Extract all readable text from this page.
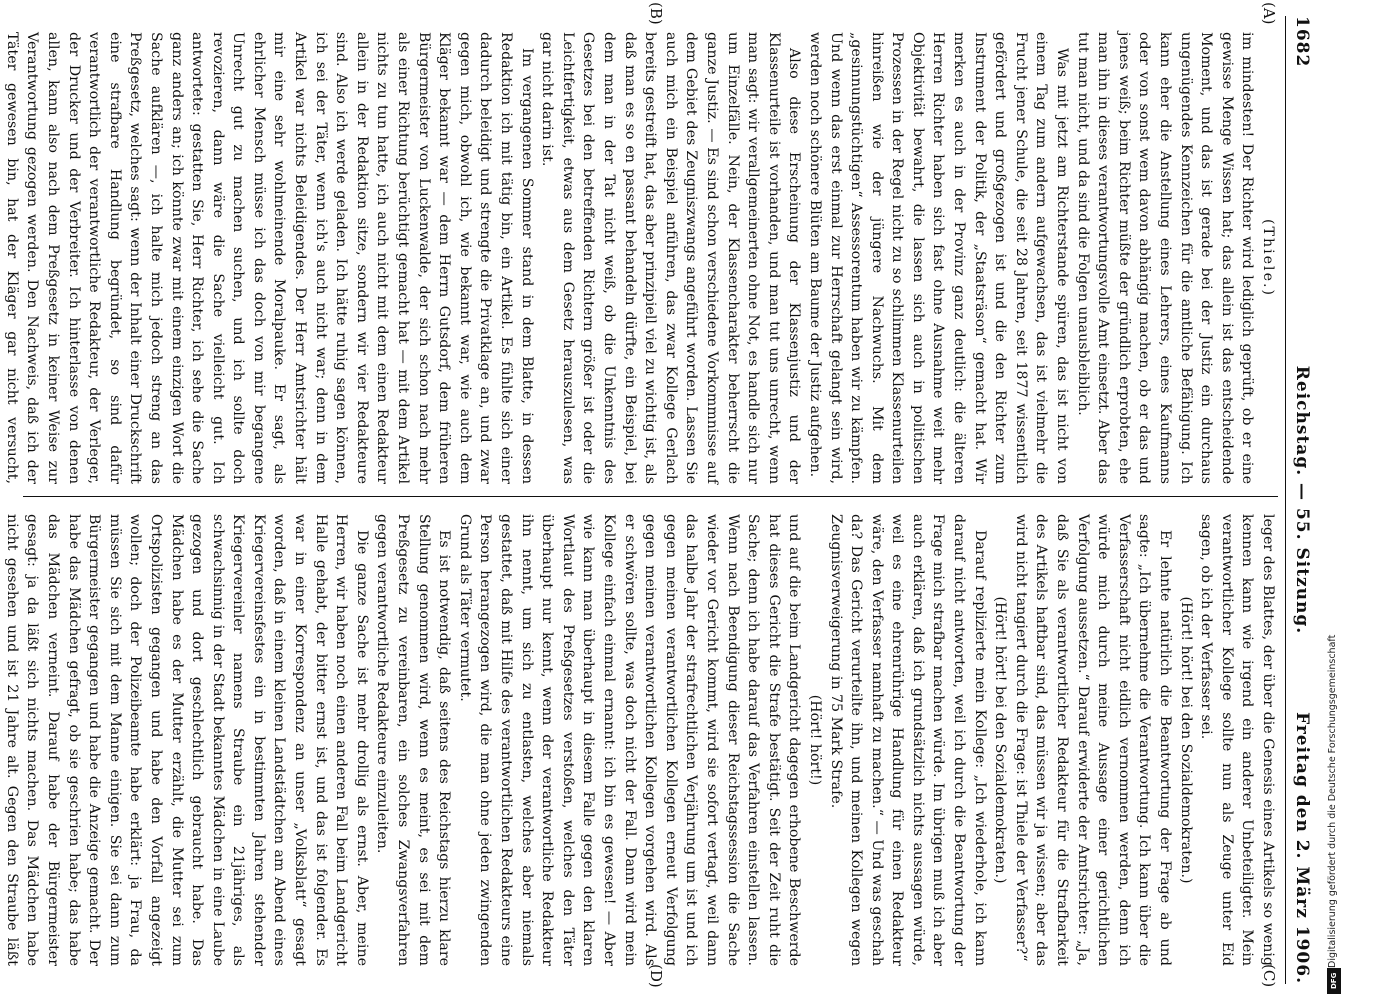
1682
Reichstag. — 55. Sitzung.
Freitag den 2. März 1906.

(Thiele.)

im mindesten! Der Richter wird lediglich geprüft, ob er eine gewisse Menge Wissen hat; das allein ist das entscheidende Moment, und das ist gerade bei der Justiz ein durchaus ungenügendes Kennzeichen für die amtliche Befähigung. Ich kann eher die Anstellung eines Lehrers, eines Kaufmanns oder von sonst wem davon abhängig machen, ob er das und jenes weiß; beim Richter müßte der gründlich erprobten, ehe man ihn in dieses verantwortungsvolle Amt einsetzt. Aber das tut man nicht, und da sind die Folgen unausbleiblich.

Was mit jetzt am Richterstande spüren, das ist nicht von einem Tag zum andern aufgewachsen, das ist vielmehr die Frucht jener Schule, die seit 28 Jahren, seit 1877 wissentlich gefördert und großgezogen ist und die den Richter zum Instrument der Politik, der „Staatsräson“ gemacht hat. Wir merken es auch in der Provinz ganz deutlich: die älteren Herren Richter haben sich fast ohne Ausnahme weit mehr Objektivität bewahrt, die lassen sich auch in politischen Prozessen in der Regel nicht zu so schlimmen Klassenurteilen hinreißen wie der jüngere Nachwuchs. Mit dem „gesinnungstüchtigen“ Assessorentum haben wir zu kämpfen. Und wenn das erst einmal zur Herrschaft gelangt sein wird, werden noch schönere Blüten am Baume der Justiz aufgehen.

Also diese Erscheinung der Klassenjustiz und der Klassenurteile ist vorhanden, und man tut uns unrecht, wenn man sagt: wir verallgemeinerten ohne Not, es handle sich nur um Einzelfälle. Nein, der Klassencharakter beherrscht die ganze Justiz. — Es sind schon verschiedene Vorkommnisse auf dem Gebiet des Zeugniszwangs angeführt worden. Lassen Sie auch mich ein Beispiel anführen, das zwar Kollege Gerlach bereits gestreift hat, das aber prinzipiell viel zu wichtig ist, als daß man es so en passant behandeln dürfte, ein Beispiel, bei dem man in der Tat nicht weiß, ob die Unkenntnis des Gesetzes bei den betreffenden Richtern größer ist oder die Leichtfertigkeit, etwas aus dem Gesetz herauszulesen, was gar nicht darin ist.

Im vergangenen Sommer stand in dem Blatte, in dessen Redaktion ich mit tätig bin, ein Artikel. Es fühlte sich einer dadurch beleidigt und strengte die Privatklage an, und zwar gegen mich, obwohl ich, wie bekannt war, wie auch dem Kläger bekannt war — dem Herrn Gutsdorf, dem früheren Bürgermeister von Luckenwalde, der sich schon nach mehr als einer Richtung berüchtigt gemacht hat — mit dem Artikel nichts zu tun hatte, ich auch nicht mit dem einen Redakteur allein in der Redaktion sitze, sondern wir vier Redakteure sind. Also ich werde geladen. Ich hätte ruhig sagen können, ich sei der Täter, wenn ich's auch nicht war; denn in dem Artikel war nichts Beleidigendes. Der Herr Amtsrichter hält mir eine sehr wohlmeinende Moralpauke. Er sagt, als ehrlicher Mensch müsse ich das doch von mir begangene Unrecht gut zu machen suchen, und ich sollte doch revozieren, dann wäre die Sache vielleicht gut. Ich antwortete: gestatten Sie, Herr Richter, ich sehe die Sache ganz anders an; ich könnte zwar mit einem einzigen Wort die Sache aufklären —, ich halte mich jedoch streng an das Preßgesetz, welches sagt: wenn der Inhalt einer Druckschrift eine strafbare Handlung begründet, so sind dafür verantwortlich der verantwortliche Redakteur, der Verleger, der Drucker und der Verbreiter. Ich hinterlasse von denen allen, kann also nach dem Preßgesetz in keiner Weise zur Verantwortung gezogen werden. Den Nachweis, daß ich der Täter gewesen bin, hat der Kläger gar nicht versucht,

leger des Blattes, der über die Genesis eines Artikels so wenig kennen kann wie irgend ein anderer Unbeteiligter. Mein verantwortlicher Kollege sollte nun als Zeuge unter Eid sagen, ob ich der Verfasser sei.

(Hört! hört! bei den Sozialdemokraten.)

Er lehnte natürlich die Beantwortung der Frage ab und sagte: „Ich übernehme die Verantwortung. Ich kann über die Verfasserschaft nicht eidlich vernommen werden, denn ich würde mich durch meine Aussage einer gerichtlichen Verfolgung aussetzen.“ Darauf erwiderte der Amtsrichter: „Ja, daß Sie als verantwortlicher Redakteur für die Strafbarkeit des Artikels haftbar sind, das müssen wir ja wissen; aber das wird nicht tangiert durch die Frage: ist Thiele der Verfasser?“

(Hört! hört! bei den Sozialdemokraten.)

Darauf replizierte mein Kollege: „Ich wiederhole, ich kann darauf nicht antworten, weil ich durch die Beantwortung der Frage mich strafbar machen würde. Im übrigen muß ich aber auch erklären, daß ich grundsätzlich nichts aussagen würde, weil es eine ehrenrührige Handlung für einen Redakteur wäre, den Verfasser namhaft zu machen.“ — Und was geschah da? Das Gericht verurteilte ihn, und meinen Kollegen wegen Zeugnisverweigerung in 75 Mark Strafe.

(Hört! hört!)

und auf die beim Landgericht dagegen erhobene Beschwerde hat dieses Gericht die Strafe bestätigt. Seit der Zeit ruht die Sache; denn ich habe darauf das Verfahren einstellen lassen. Wenn nach Beendigung dieser Reichstagssession die Sache wieder vor Gericht kommt, wird sie sofort vertagt, weil dann das halbe Jahr der strafrechtlichen Verjährung um ist und ich gegen meinen verantwortlichen Kollegen erneut Verfolgung gegen meinen verantwortlichen Kollegen vorgehen wird. Als er schwören sollte, was doch nicht der Fall. Dann wird mein Kollege einfach einmal ernannt: ich bin es gewesen! — Aber wie kann man überhaupt in diesem Falle gegen den klaren Wortlaut des Preßgesetzes verstoßen, welches den Täter überhaupt nur kennt, wenn der verantwortliche Redakteur ihn nennt, um sich zu entlasten, welches aber niemals gestattet, daß mit Hilfe des verantwortlichen Redakteurs eine Person herangezogen wird, die man ohne jeden zwingenden Grund als Täter vermutet.

Es ist notwendig, daß seitens des Reichstags hierzu klare Stellung genommen wird, wenn es meint, es sei mit dem Preßgesetz zu vereinbaren, ein solches Zwangsverfahren gegen verantwortliche Redakteure einzuleiten.

Die ganze Sache ist mehr drollig als ernst. Aber, meine Herren, wir haben noch einen anderen Fall beim Landgericht Halle gehabt, der bitter ernst ist, und das ist folgender. Es war in einer Korrespondenz an unser „Volksblatt“ gesagt worden, daß in einem kleinen Landstädtchen am Abend eines Kriegervereinsfestes ein in bestimmten Jahren stehender Kriegervereinler namens Straube ein 21jähriges, als schwachsinnig in der Stadt bekanntes Mädchen in eine Laube gezogen und dort geschlechtlich gebraucht habe. Das Mädchen habe es der Mutter erzählt, die Mutter sei zum Ortspolizisten gegangen und habe den Vorfall angezeigt wollen; doch der Polizeibeamte habe erklärt: ja Frau, da müssen Sie sich mit dem Manne einigen. Sie sei dann zum Bürgermeister gegangen und habe die Anzeige gemacht. Der habe das Mädchen gefragt, ob sie geschrien habe; das habe das Mädchen verneint. Darauf habe der Bürgermeister gesagt: ja da läßt sich nichts machen. Das Mädchen habe nicht gesehen und ist 21 Jahre alt. Gegen den Straube läßt

(A)
(B)
(C)
(D)
Digitalisierung gefördert durch die Deutsche Forschungsgemeinschaft
DFG
